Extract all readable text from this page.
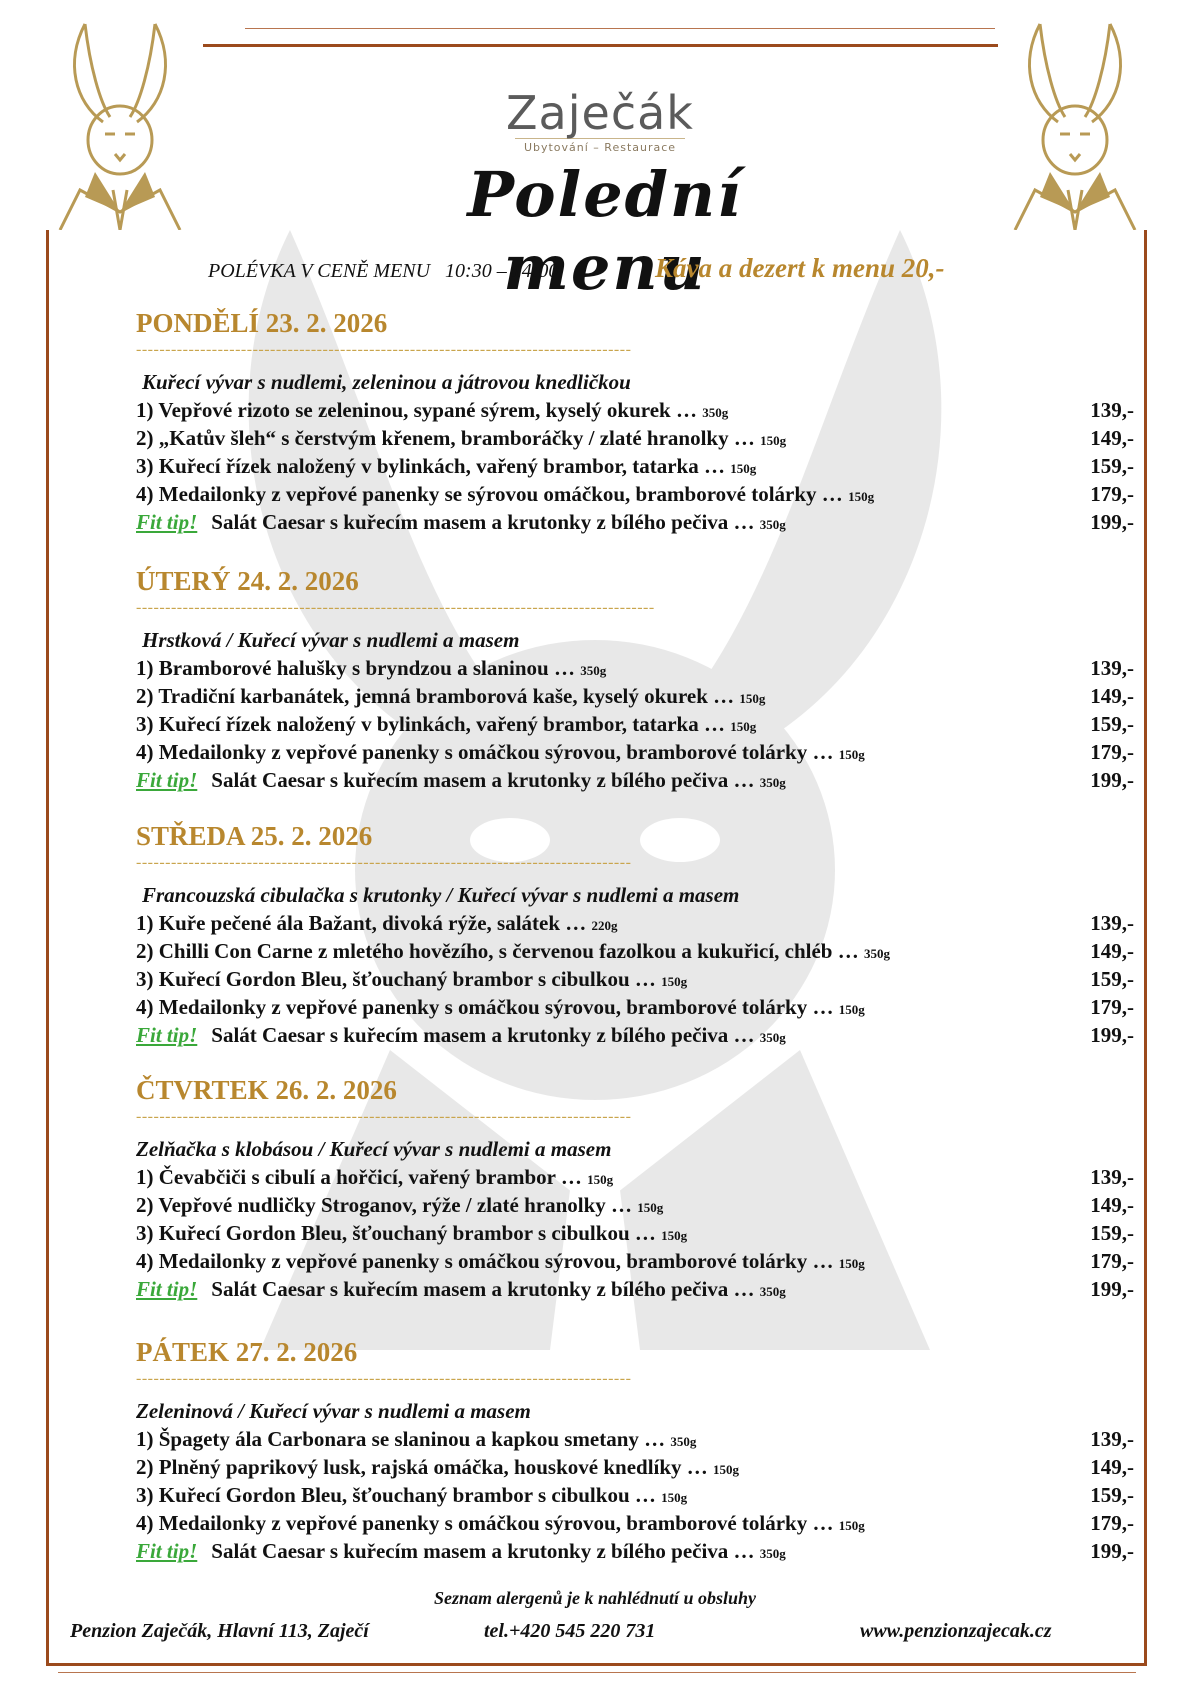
Zaječák
Ubytování – Restaurace
Polední menu
POLÉVKA V CENĚ MENU   10:30 – 14:00	Káva a dezert k menu 20,-
PONDĚLÍ 23. 2. 2026
-------------------------------------------------------------------------------------
Kuřecí vývar s nudlemi, zeleninou a játrovou knedličkou
1) Vepřové rizoto se zeleninou, sypané sýrem, kyselý okurek … 350g	139,-
2) „Katův šleh“ s čerstvým křenem, bramboráčky / zlaté hranolky … 150g	149,-
3) Kuřecí řízek naložený v bylinkách, vařený brambor, tatarka … 150g	159,-
4) Medailonky z vepřové panenky se sýrovou omáčkou, bramborové tolárky … 150g	179,-
Fit tip! Salát Caesar s kuřecím masem a krutonky z bílého pečiva … 350g	199,-
ÚTERÝ 24. 2. 2026
-----------------------------------------------------------------------------------------
Hrstková / Kuřecí vývar s nudlemi a masem
1) Bramborové halušky s bryndzou a slaninou … 350g	139,-
2) Tradiční karbanátek, jemná bramborová kaše, kyselý okurek … 150g	149,-
3) Kuřecí řízek naložený v bylinkách, vařený brambor, tatarka … 150g	159,-
4) Medailonky z vepřové panenky s omáčkou sýrovou, bramborové tolárky … 150g	179,-
Fit tip! Salát Caesar s kuřecím masem a krutonky z bílého pečiva … 350g	199,-
STŘEDA 25. 2. 2026
-------------------------------------------------------------------------------------
Francouzská cibulačka s krutonky / Kuřecí vývar s nudlemi a masem
1) Kuře pečené ála Bažant, divoká rýže, salátek … 220g	139,-
2) Chilli Con Carne z mletého hovězího, s červenou fazolkou a kukuřicí, chléb … 350g	149,-
3) Kuřecí Gordon Bleu, šťouchaný brambor s cibulkou … 150g	159,-
4) Medailonky z vepřové panenky s omáčkou sýrovou, bramborové tolárky … 150g	179,-
Fit tip! Salát Caesar s kuřecím masem a krutonky z bílého pečiva … 350g	199,-
ČTVRTEK 26. 2. 2026
-------------------------------------------------------------------------------------
Zelňačka s klobásou / Kuřecí vývar s nudlemi a masem
1) Čevabčiči s cibulí a hořčicí, vařený brambor … 150g	139,-
2) Vepřové nudličky Stroganov, rýže / zlaté hranolky … 150g	149,-
3) Kuřecí Gordon Bleu, šťouchaný brambor s cibulkou … 150g	159,-
4) Medailonky z vepřové panenky s omáčkou sýrovou, bramborové tolárky … 150g	179,-
Fit tip! Salát Caesar s kuřecím masem a krutonky z bílého pečiva … 350g	199,-
PÁTEK 27. 2. 2026
-------------------------------------------------------------------------------------
Zeleninová / Kuřecí vývar s nudlemi a masem
1) Špagety ála Carbonara se slaninou a kapkou smetany … 350g	139,-
2) Plněný paprikový lusk, rajská omáčka, houskové knedlíky … 150g	149,-
3) Kuřecí Gordon Bleu, šťouchaný brambor s cibulkou … 150g	159,-
4) Medailonky z vepřové panenky s omáčkou sýrovou, bramborové tolárky … 150g	179,-
Fit tip! Salát Caesar s kuřecím masem a krutonky z bílého pečiva … 350g	199,-
Seznam alergenů je k nahlédnutí u obsluhy
Penzion Zaječák, Hlavní 113, Zaječí	tel.+420 545 220 731	www.penzionzajecak.cz
